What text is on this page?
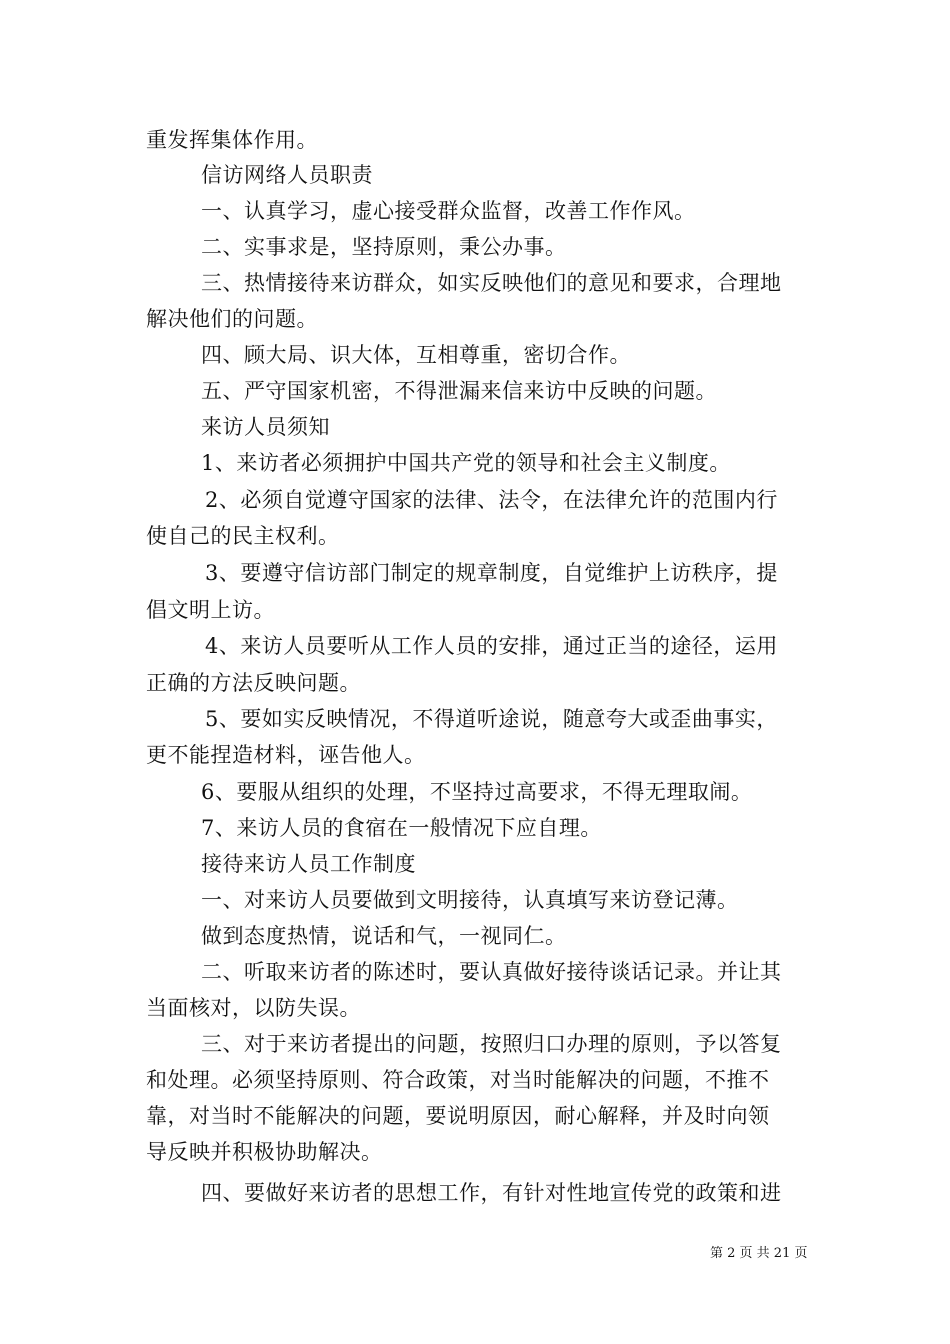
重发挥集体作用。
信访网络人员职责
一、认真学习，虚心接受群众监督，改善工作作风。
二、实事求是，坚持原则，秉公办事。
三、热情接待来访群众，如实反映他们的意见和要求，合理地
解决他们的问题。
四、顾大局、识大体，互相尊重，密切合作。
五、严守国家机密，不得泄漏来信来访中反映的问题。
来访人员须知
1、来访者必须拥护中国共产党的领导和社会主义制度。
2、必须自觉遵守国家的法律、法令，在法律允许的范围内行
使自己的民主权利。
3、要遵守信访部门制定的规章制度，自觉维护上访秩序，提
倡文明上访。
4、来访人员要听从工作人员的安排，通过正当的途径，运用
正确的方法反映问题。
5、要如实反映情况，不得道听途说，随意夸大或歪曲事实，
更不能捏造材料，诬告他人。
6、要服从组织的处理，不坚持过高要求，不得无理取闹。
7、来访人员的食宿在一般情况下应自理。
接待来访人员工作制度
一、对来访人员要做到文明接待，认真填写来访登记薄。
做到态度热情，说话和气，一视同仁。
二、听取来访者的陈述时，要认真做好接待谈话记录。并让其
当面核对，以防失误。
三、对于来访者提出的问题，按照归口办理的原则，予以答复
和处理。必须坚持原则、符合政策，对当时能解决的问题，不推不
靠，对当时不能解决的问题，要说明原因，耐心解释，并及时向领
导反映并积极协助解决。
四、要做好来访者的思想工作，有针对性地宣传党的政策和进
第 2 页 共 21 页
